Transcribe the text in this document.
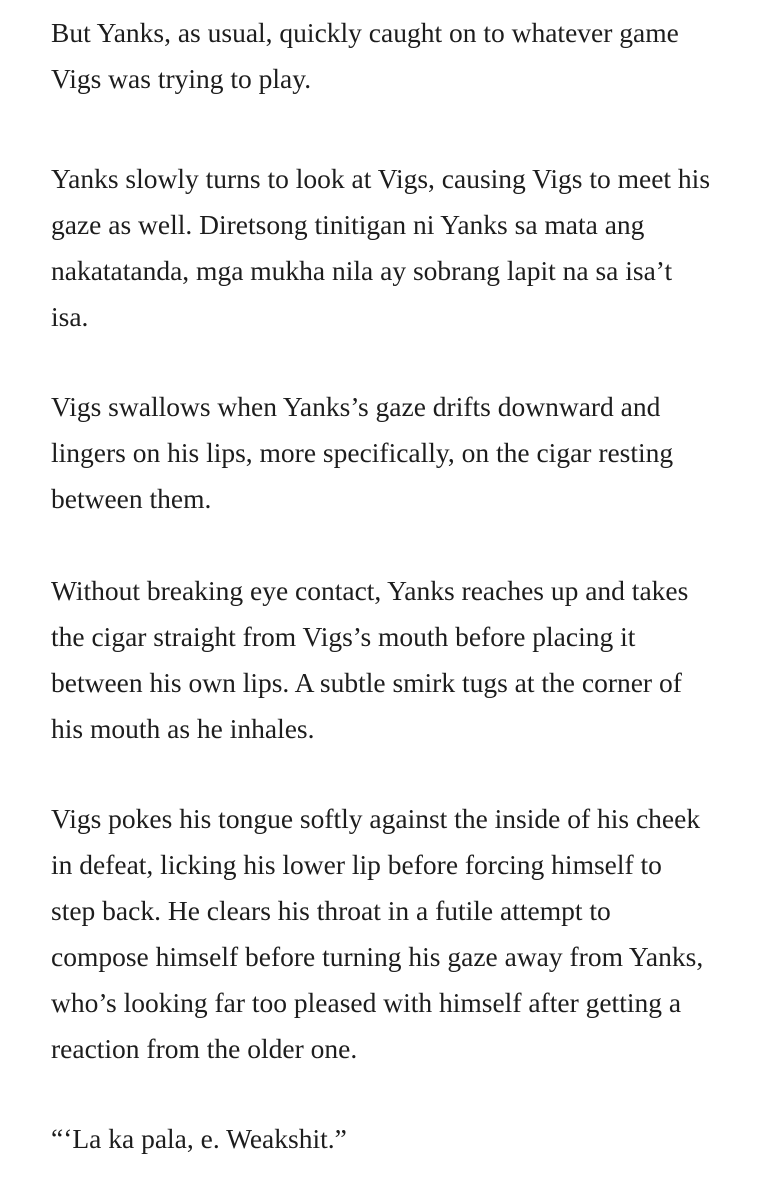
But Yanks, as usual, quickly caught on to whatever game
Vigs was trying to play.

Yanks slowly turns to look at Vigs, causing Vigs to meet his
gaze as well. Diretsong tinitigan ni Yanks sa mata ang
nakatatanda, mga mukha nila ay sobrang lapit na sa isa’t
isa.

Vigs swallows when Yanks’s gaze drifts downward and
lingers on his lips, more specifically, on the cigar resting
between them.

Without breaking eye contact, Yanks reaches up and takes
the cigar straight from Vigs’s mouth before placing it
between his own lips. A subtle smirk tugs at the corner of
his mouth as he inhales.

Vigs pokes his tongue softly against the inside of his cheek
in defeat, licking his lower lip before forcing himself to
step back. He clears his throat in a futile attempt to
compose himself before turning his gaze away from Yanks,
who’s looking far too pleased with himself after getting a
reaction from the older one.

“‘La ka pala, e. Weakshit.”
